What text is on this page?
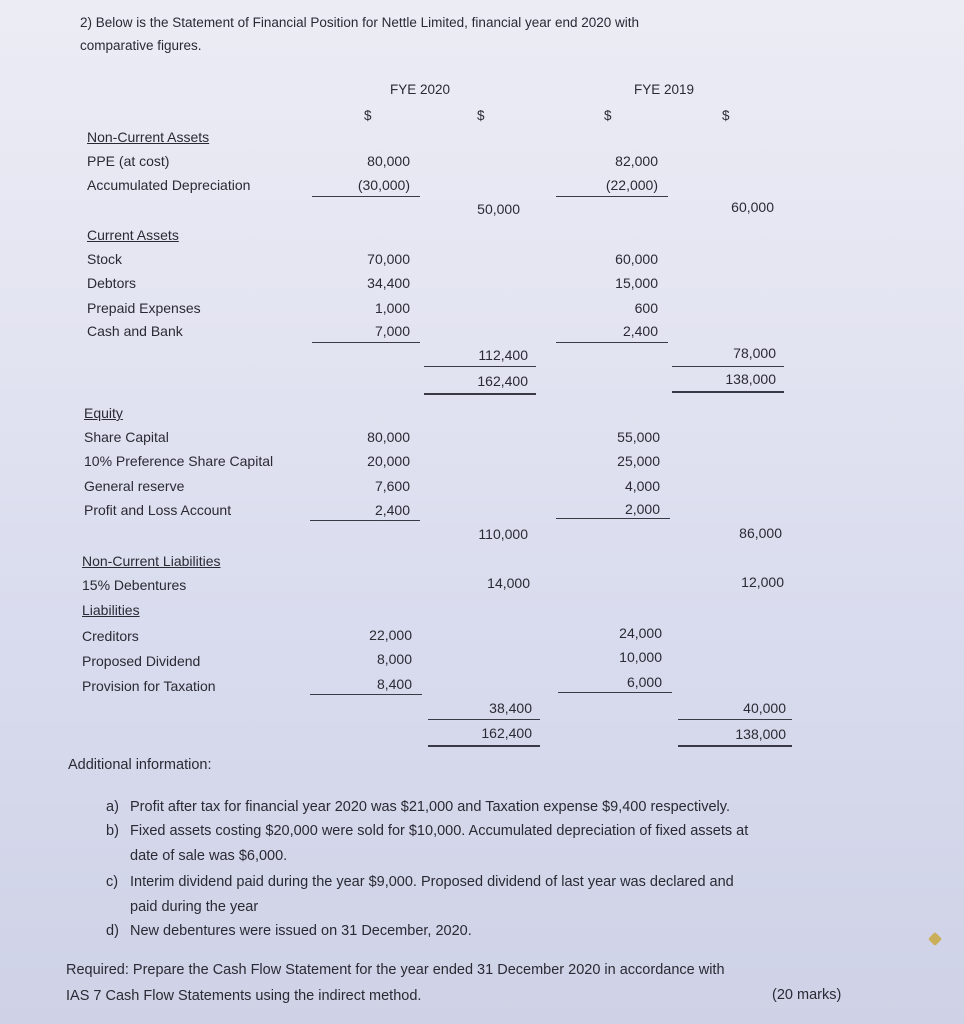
2) Below is the Statement of Financial Position for Nettle Limited, financial year end 2020 with
comparative figures.
FYE 2020	FYE 2019
$	$	$	$
Non-Current Assets
PPE (at cost)	80,000	82,000
Accumulated Depreciation	(30,000)	(22,000)
50,000	60,000
Current Assets
Stock	70,000	60,000
Debtors	34,400	15,000
Prepaid Expenses	1,000	600
Cash and Bank	7,000	2,400
112,400	78,000
162,400	138,000
Equity
Share Capital	80,000	55,000
10% Preference Share Capital	20,000	25,000
General reserve	7,600	4,000
Profit and Loss Account	2,400	2,000
110,000	86,000
Non-Current Liabilities
15% Debentures	14,000	12,000
Liabilities
Creditors	22,000	24,000
Proposed Dividend	8,000	10,000
Provision for Taxation	8,400	6,000
38,400	40,000
162,400	138,000
Additional information:
a) Profit after tax for financial year 2020 was $21,000 and Taxation expense $9,400 respectively.
b) Fixed assets costing $20,000 were sold for $10,000. Accumulated depreciation of fixed assets at
date of sale was $6,000.
c) Interim dividend paid during the year $9,000. Proposed dividend of last year was declared and
paid during the year
d) New debentures were issued on 31 December, 2020.
Required: Prepare the Cash Flow Statement for the year ended 31 December 2020 in accordance with
IAS 7 Cash Flow Statements using the indirect method.	(20 marks)
